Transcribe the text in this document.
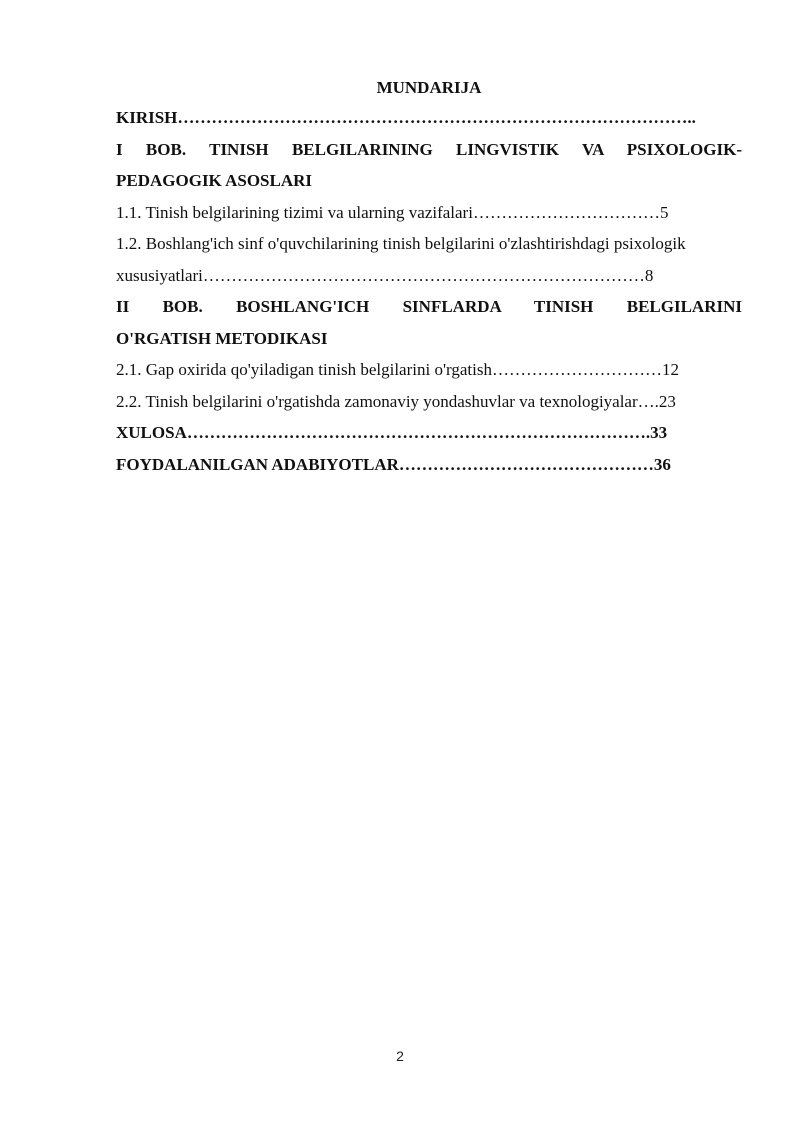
MUNDARIJA

KIRISH………………………………………………………………………………..

I BOB. TINISH BELGILARINING LINGVISTIK VA PSIXOLOGIK-

PEDAGOGIK ASOSLARI

1.1. Tinish belgilarining tizimi va ularning vazifalari……………………………5

1.2. Boshlang'ich sinf o'quvchilarining tinish belgilarini o'zlashtirishdagi psixologik

xususiyatlari……………………………………………………………………8

II BOB. BOSHLANG'ICH SINFLARDA TINISH BELGILARINI

O'RGATISH METODIKASI

2.1. Gap oxirida qo'yiladigan tinish belgilarini o'rgatish…………………………12

2.2. Tinish belgilarini o'rgatishda zamonaviy yondashuvlar va texnologiyalar….23

XULOSA……………………………………………………………………….33

FOYDALANILGAN ADABIYOTLAR………………………………………36

2
